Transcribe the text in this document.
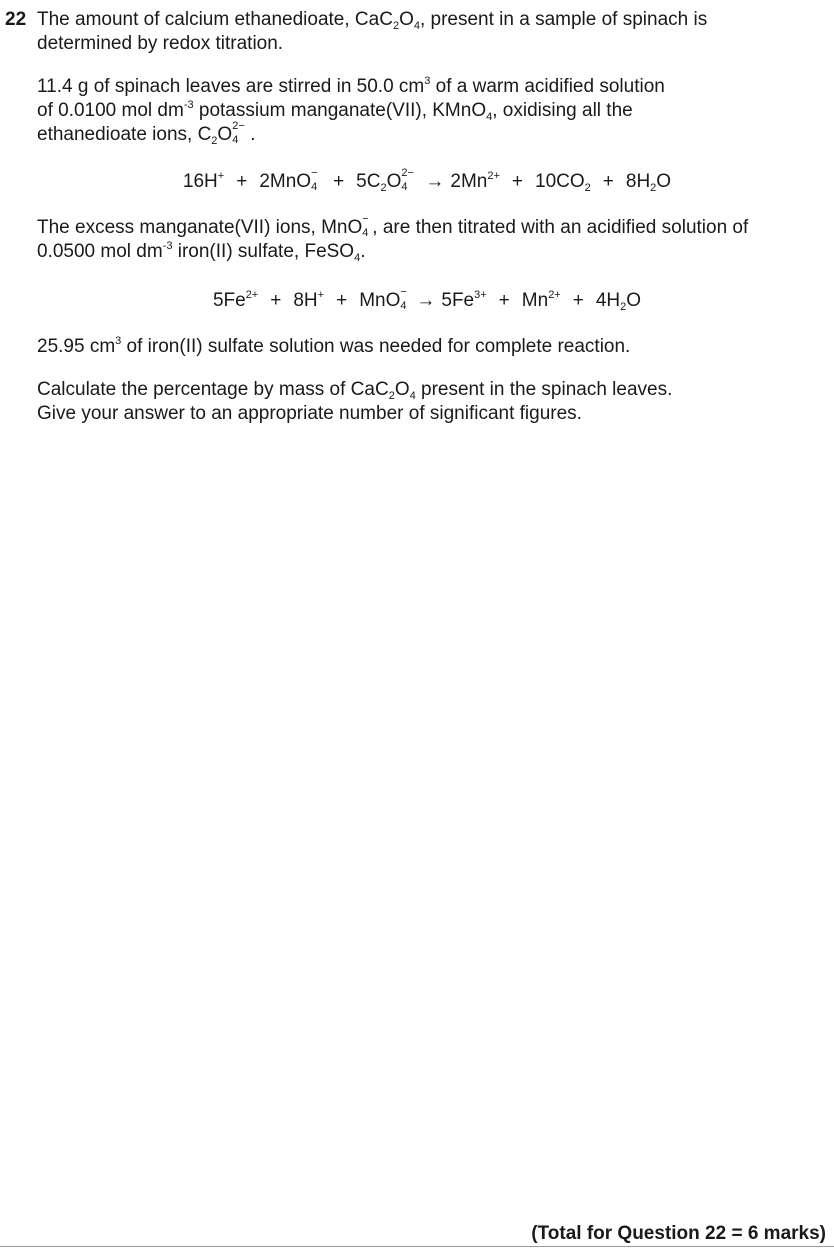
22 The amount of calcium ethanedioate, $CaC_2O_4$, present in a sample of spinach is
determined by redox titration.

11.4 g of spinach leaves are stirred in 50.0 $cm^3$ of a warm acidified solution
of 0.0100 mol $dm^{-3}$ potassium manganate(VII), KMnO$_4$, oxidising all the
ethanedioate ions, $C_2O$ 2−
4 .

16H+ + 2MnO −
$4 + 5C_2O$ 2−
$4 \to 2Mn^{2+} + 10CO_2 + 8H_2O$

The excess manganate(VII) ions, MnO −
4 , are then titrated with an acidified solution of
0.0500 mol $dm^{-3}$ iron(II) sulfate, FeSO$_4$.

$5Fe^{2+} + 8H^+$ + MnO −
$4 \to 5Fe^{3+} + Mn^{2+} + 4H_2O$

25.95 $cm^3$ of iron(II) sulfate solution was needed for complete reaction.

Calculate the percentage by mass of $CaC_2O_4$ present in the spinach leaves.
Give your answer to an appropriate number of significant figures.

(Total for Question 22 = 6 marks)
